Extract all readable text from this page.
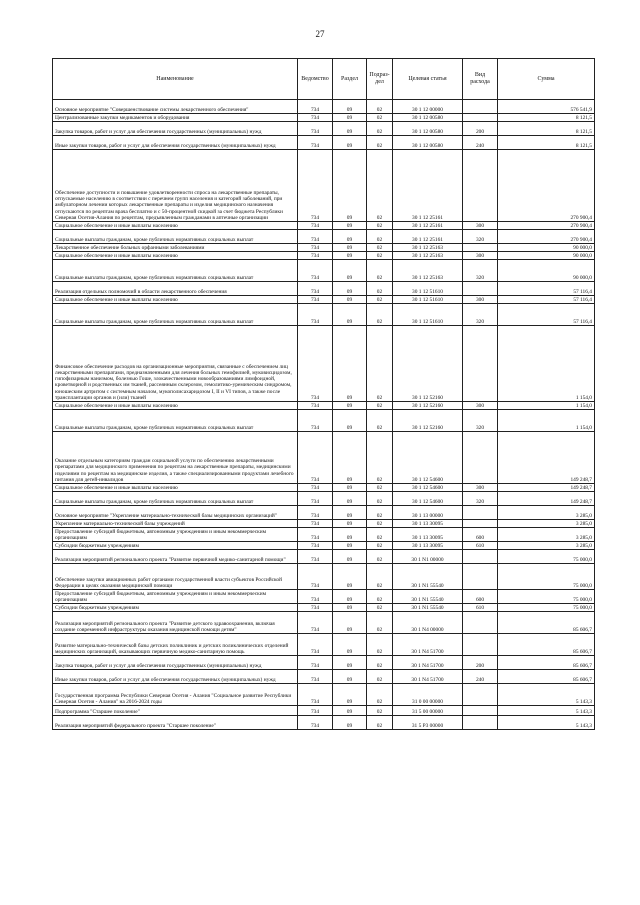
27
Наименование	Ведомство	Раздел	Подраз-дел	Целевая статья	Вид расхода	Сумма
Основное мероприятие "Совершенствование системы лекарственного обеспечения"	734	09	02	30 1 12 00000		576 541,9
Централизованные закупки медикаментов и оборудования	734	09	02	30 1 12 00580		8 121,5
Закупка товаров, работ и услуг для обеспечения государственных (муниципальных) нужд	734	09	02	30 1 12 00580	200	8 121,5
Иные закупки товаров, работ и услуг для обеспечения государственных (муниципальных) нужд	734	09	02	30 1 12 00580	240	8 121,5
Обеспечение доступности и повышение удовлетворенности спроса на лекарственные препараты, отпускаемые населению в соответствии с перечнем групп населения и категорий заболеваний, при амбулаторном лечении которых лекарственные препараты и изделия медицинского назначения отпускаются по рецептам врача бесплатно и с 50-процентной скидкой за счет бюджета Республики Северная Осетия-Алания по рецептам, предъявленным гражданами в аптечные организации	734	09	02	30 1 12 25161		270 900,4
Социальное обеспечение и иные выплаты населению	734	09	02	30 1 12 25161	300	270 900,4
Социальные выплаты гражданам, кроме публичных нормативных социальных выплат	734	09	02	30 1 12 25161	320	270 900,4
Лекарственное обеспечение больных орфанными заболеваниями	734	09	02	30 1 12 25163		90 000,0
Социальное обеспечение и иные выплаты населению	734	09	02	30 1 12 25163	300	90 000,0
Социальные выплаты гражданам, кроме публичных нормативных социальных выплат	734	09	02	30 1 12 25163	320	90 000,0
Реализация отдельных полномочий в области лекарственного обеспечения	734	09	02	30 1 12 51610		57 116,4
Социальное обеспечение и иные выплаты населению	734	09	02	30 1 12 51610	300	57 116,4
Социальные выплаты гражданам, кроме публичных нормативных социальных выплат	734	09	02	30 1 12 51610	320	57 116,4
Финансовое обеспечение расходов на организационные мероприятия, связанные с обеспечением лиц лекарственными препаратами, предназначенными для лечения больных гемофилией, муковисцидозом, гипофизарным нанизмом, болезнью Гоше, злокачественными новообразованиями лимфоидной, кроветворной и родственных им тканей, рассеянным склерозом, гемолитико-уремическим синдромом, юношеским артритом с системным началом, мукополисахаридозом I, II и VI типов, а также после трансплантации органов и (или) тканей	734	09	02	30 1 12 52160		1 154,0
Социальное обеспечение и иные выплаты населению	734	09	02	30 1 12 52160	300	1 154,0
Социальные выплаты гражданам, кроме публичных нормативных социальных выплат	734	09	02	30 1 12 52160	320	1 154,0
Оказание отдельным категориям граждан социальной услуги по обеспечению лекарственными препаратами для медицинского применения по рецептам на лекарственные препараты, медицинскими изделиями по рецептам на медицинские изделия, а также специализированными продуктами лечебного питания для детей-инвалидов	734	09	02	30 1 12 54600		149 248,7
Социальное обеспечение и иные выплаты населению	734	09	02	30 1 12 54600	300	149 248,7
Социальные выплаты гражданам, кроме публичных нормативных социальных выплат	734	09	02	30 1 12 54600	320	149 248,7
Основное мероприятие "Укрепление материально-технической базы медицинских организаций"	734	09	02	30 1 13 00000		3 285,0
Укрепление материально-технической базы учреждений	734	09	02	30 1 13 30095		3 285,0
Предоставление субсидий бюджетным, автономным учреждениям и иным некоммерческим организациям	734	09	02	30 1 13 30095	600	3 285,0
Субсидии бюджетным учреждениям	734	09	02	30 1 13 30095	610	3 285,0
Реализация мероприятий регионального проекта "Развитие первичной медико-санитарной помощи"	734	09	02	30 1 N1 00000		75 000,0
Обеспечение закупки авиационных работ органами государственной власти субъектов Российской Федерации в целях оказания медицинской помощи	734	09	02	30 1 N1 55540		75 000,0
Предоставление субсидий бюджетным, автономным учреждениям и иным некоммерческим организациям	734	09	02	30 1 N1 55540	600	75 000,0
Субсидии бюджетным учреждениям	734	09	02	30 1 N1 55540	610	75 000,0
Реализация мероприятий регионального проекта "Развитие детского здравоохранения, включая создание современной инфраструктуры оказания медицинской помощи детям"	734	09	02	30 1 N4 00000		85 606,7
Развитие материально-технической базы детских поликлиник и детских поликлинических отделений медицинских организаций, оказывающих первичную медико-санитарную помощь	734	09	02	30 1 N4 51700		85 606,7
Закупка товаров, работ и услуг для обеспечения государственных (муниципальных) нужд	734	09	02	30 1 N4 51700	200	85 606,7
Иные закупки товаров, работ и услуг для обеспечения государственных (муниципальных) нужд	734	09	02	30 1 N4 51700	240	85 606,7
Государственная программа Республики Северная Осетия - Алания "Социальное развитие Республики Северная Осетия - Алания" на 2016-2024 годы	734	09	02	31 0 00 00000		5 143,3
Подпрограмма "Старшее поколение"	734	09	02	31 5 00 00000		5 143,3
Реализация мероприятий федерального проекта "Старшее поколение"	734	09	02	31 5 P3 00000		5 143,3
